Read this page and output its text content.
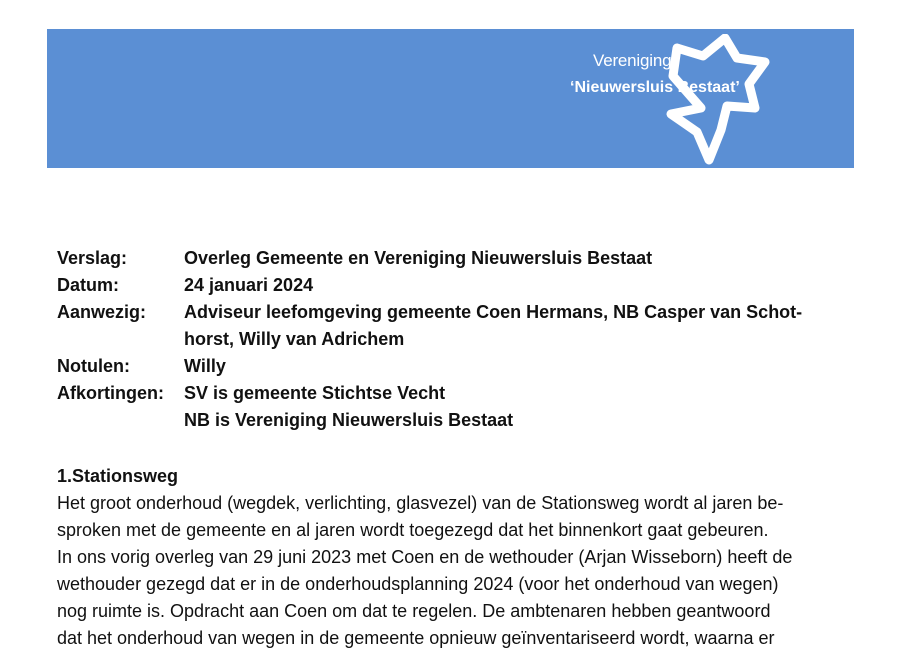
Vereniging
‘Nieuwersluis Bestaat’
Verslag:	Overleg Gemeente en Vereniging Nieuwersluis Bestaat
Datum:	24 januari 2024
Aanwezig:	Adviseur leefomgeving gemeente Coen Hermans, NB Casper van Schot-
horst, Willy van Adrichem
Notulen:	Willy
Afkortingen:	SV is gemeente Stichtse Vecht
NB is Vereniging Nieuwersluis Bestaat
1.Stationsweg

Het groot onderhoud (wegdek, verlichting, glasvezel) van de Stationsweg wordt al jaren be-

sproken met de gemeente en al jaren wordt toegezegd dat het binnenkort gaat gebeuren.

In ons vorig overleg van 29 juni 2023 met Coen en de wethouder (Arjan Wisseborn) heeft de

wethouder gezegd dat er in de onderhoudsplanning 2024 (voor het onderhoud van wegen)

nog ruimte is. Opdracht aan Coen om dat te regelen. De ambtenaren hebben geantwoord

dat het onderhoud van wegen in de gemeente opnieuw geïnventariseerd wordt, waarna er
